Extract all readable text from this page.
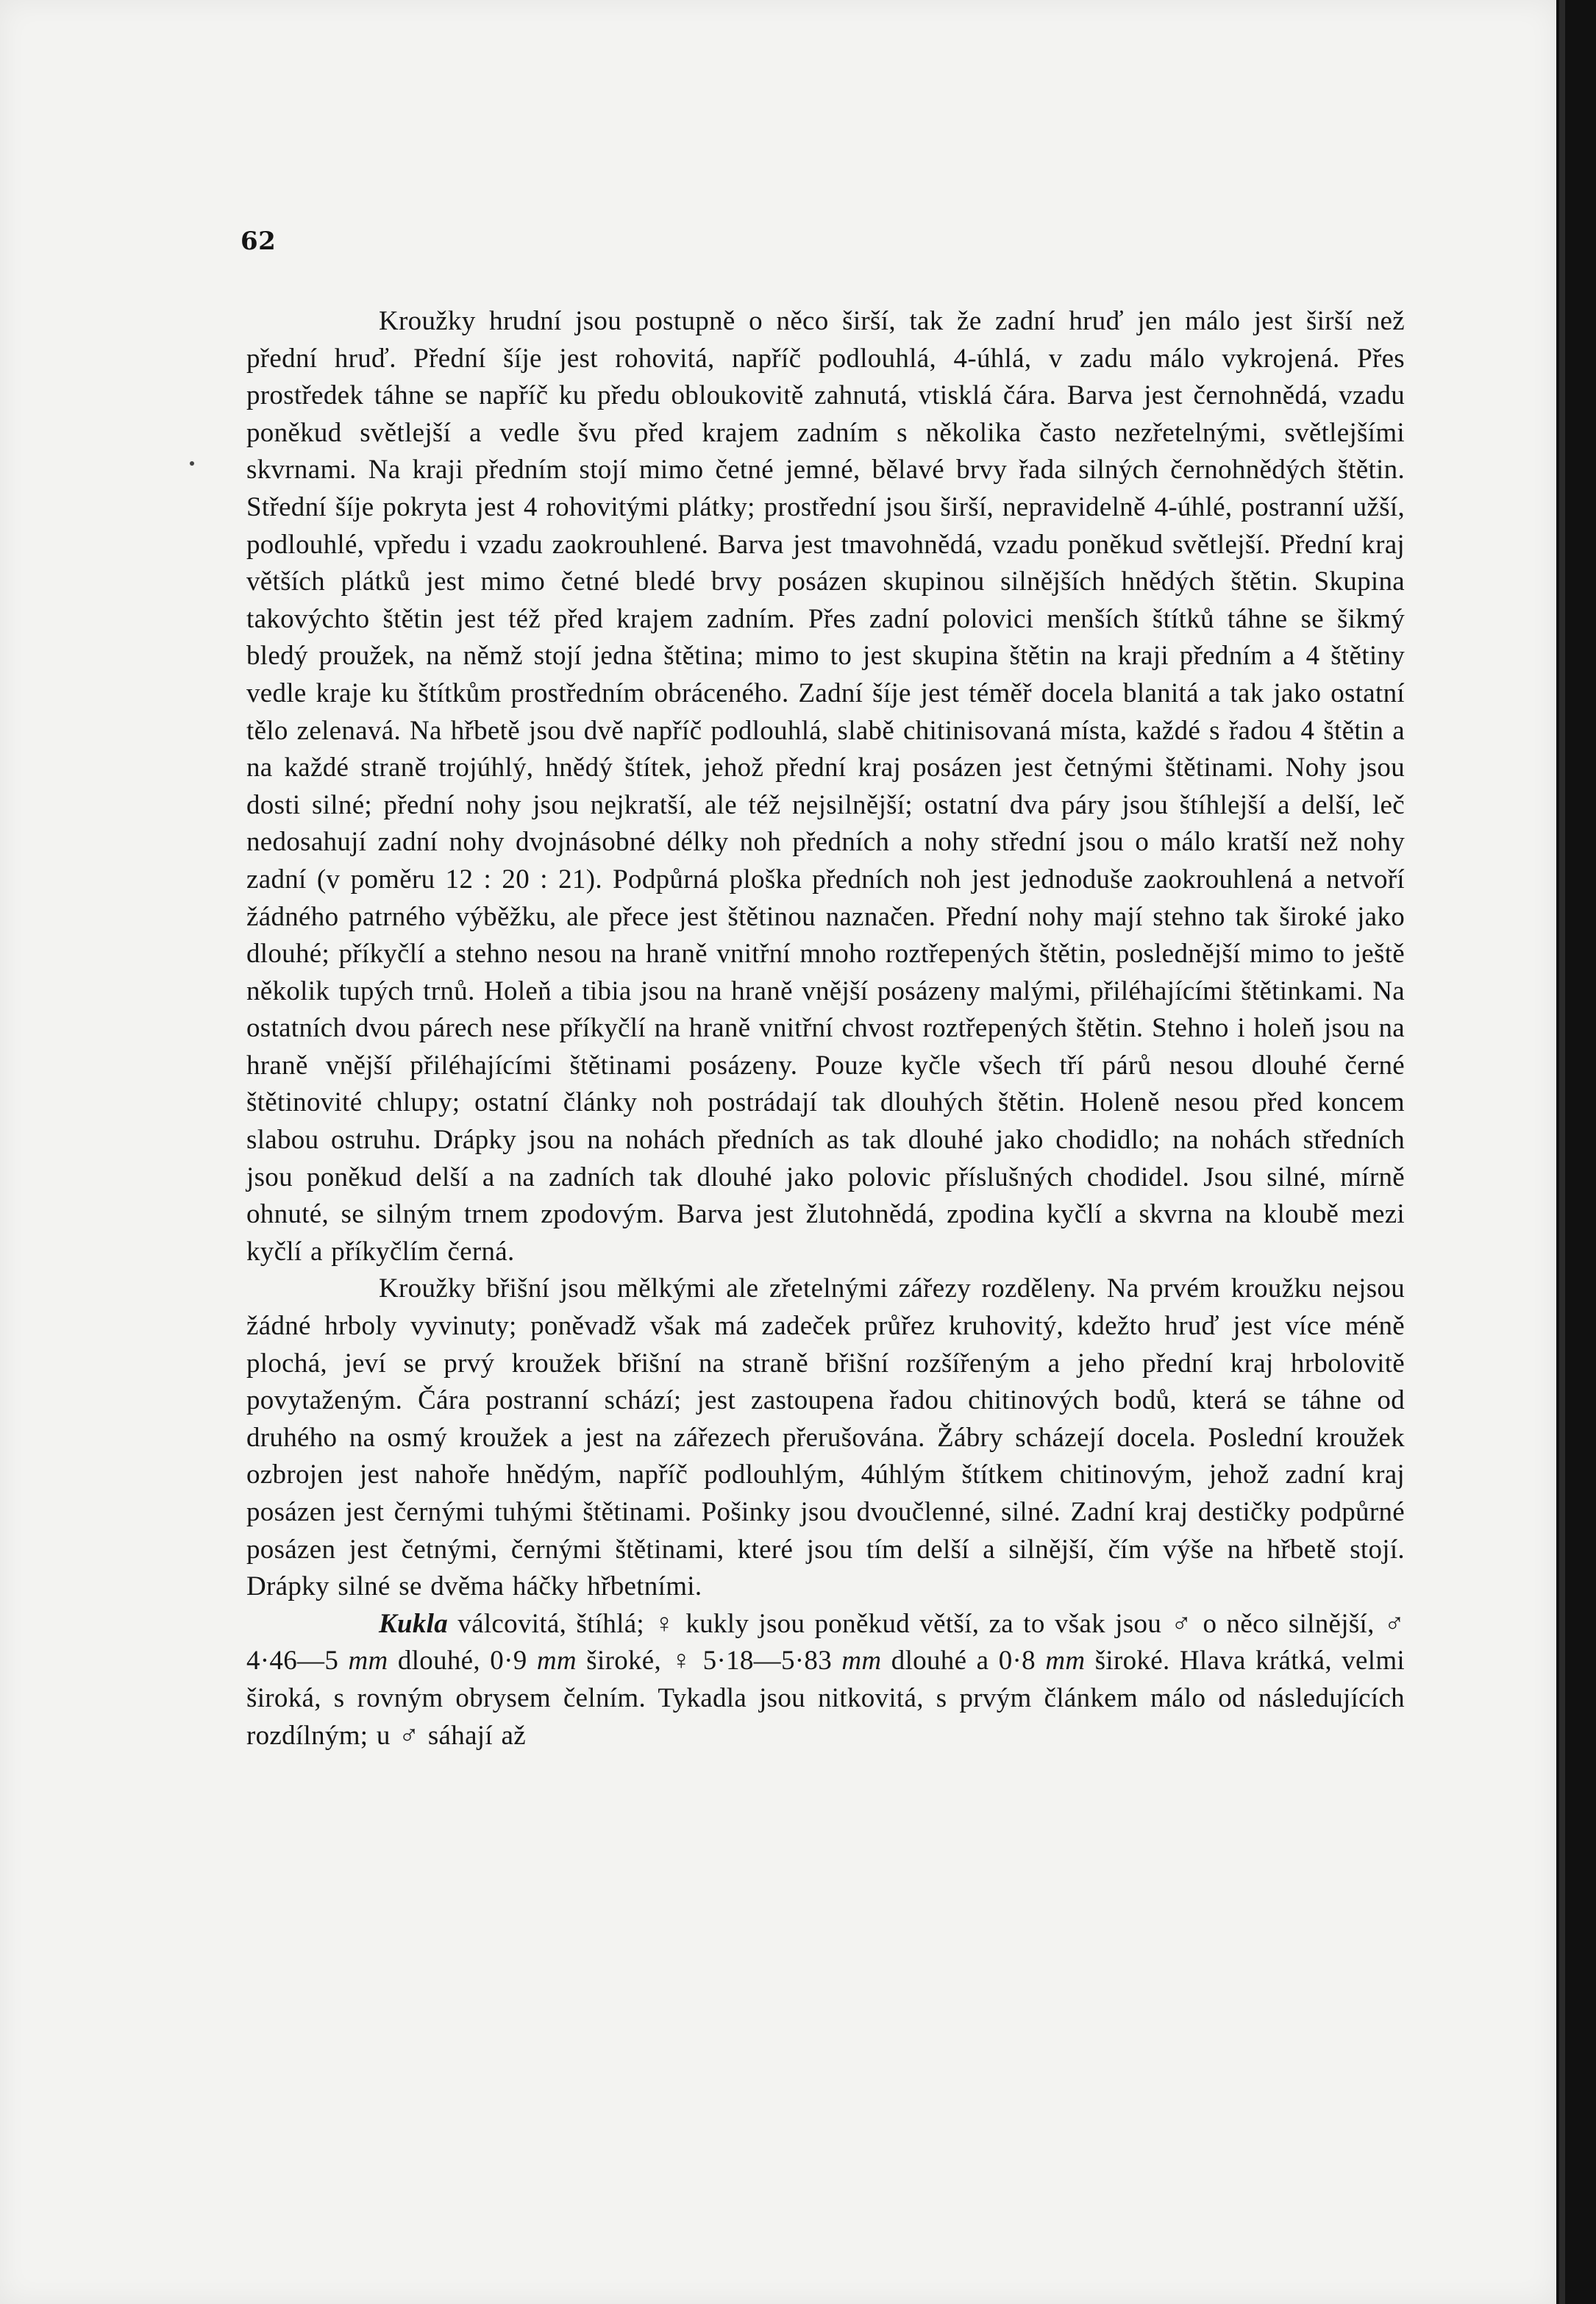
62

Kroužky hrudní jsou postupně o něco širší, tak že zadní hruď jen málo jest širší než přední hruď. Přední šíje jest rohovitá, napříč podlouhlá, 4-úhlá, v zadu málo vykrojená. Přes prostředek táhne se napříč ku předu obloukovitě zahnutá, vtisklá čára. Barva jest černohnědá, vzadu poněkud světlejší a vedle švu před krajem zadním s několika často nezřetelnými, světlejšími skvrnami. Na kraji předním stojí mimo četné jemné, bělavé brvy řada silných černohnědých štětin. Střední šíje pokryta jest 4 rohovitými plátky; prostřední jsou širší, nepravidelně 4-úhlé, postranní užší, podlouhlé, vpředu i vzadu zaokrouhlené. Barva jest tmavohnědá, vzadu poněkud světlejší. Přední kraj větších plátků jest mimo četné bledé brvy posázen skupinou silnějších hnědých štětin. Skupina takovýchto štětin jest též před krajem zadním. Přes zadní polovici menších štítků táhne se šikmý bledý proužek, na němž stojí jedna štětina; mimo to jest skupina štětin na kraji předním a 4 štětiny vedle kraje ku štítkům prostředním obráceného. Zadní šíje jest téměř docela blanitá a tak jako ostatní tělo zelenavá. Na hřbetě jsou dvě napříč podlouhlá, slabě chitinisovaná místa, každé s řadou 4 štětin a na každé straně trojúhlý, hnědý štítek, jehož přední kraj posázen jest četnými štětinami. Nohy jsou dosti silné; přední nohy jsou nejkratší, ale též nejsilnější; ostatní dva páry jsou štíhlejší a delší, leč nedosahují zadní nohy dvojnásobné délky noh předních a nohy střední jsou o málo kratší než nohy zadní (v poměru 12 : 20 : 21). Podpůrná ploška předních noh jest jednoduše zaokrouhlená a netvoří žádného patrného výběžku, ale přece jest štětinou naznačen. Přední nohy mají stehno tak široké jako dlouhé; příkyčlí a stehno nesou na hraně vnitřní mnoho roztřepených štětin, poslednější mimo to ještě několik tupých trnů. Holeň a tibia jsou na hraně vnější posázeny malými, přiléhajícími štětinkami. Na ostatních dvou párech nese příkyčlí na hraně vnitřní chvost roztřepených štětin. Stehno i holeň jsou na hraně vnější přiléhajícími štětinami posázeny. Pouze kyčle všech tří párů nesou dlouhé černé štětinovité chlupy; ostatní články noh postrádají tak dlouhých štětin. Holeně nesou před koncem slabou ostruhu. Drápky jsou na nohách předních as tak dlouhé jako chodidlo; na nohách středních jsou poněkud delší a na zadních tak dlouhé jako polovic příslušných chodidel. Jsou silné, mírně ohnuté, se silným trnem zpodovým. Barva jest žlutohnědá, zpodina kyčlí a skvrna na kloubě mezi kyčlí a příkyčlím černá.

Kroužky břišní jsou mělkými ale zřetelnými zářezy rozděleny. Na prvém kroužku nejsou žádné hrboly vyvinuty; poněvadž však má zadeček průřez kruhovitý, kdežto hruď jest více méně plochá, jeví se prvý kroužek břišní na straně břišní rozšířeným a jeho přední kraj hrbolovitě povytaženým. Čára postranní schází; jest zastoupena řadou chitinových bodů, která se táhne od druhého na osmý kroužek a jest na zářezech přerušována. Žábry scházejí docela. Poslední kroužek ozbrojen jest nahoře hnědým, napříč podlouhlým, 4úhlým štítkem chitinovým, jehož zadní kraj posázen jest černými tuhými štětinami. Pošinky jsou dvoučlenné, silné. Zadní kraj destičky podpůrné posázen jest četnými, černými štětinami, které jsou tím delší a silnější, čím výše na hřbetě stojí. Drápky silné se dvěma háčky hřbetními.

Kukla válcovitá, štíhlá; ♀ kukly jsou poněkud větší, za to však jsou ♂ o něco silnější, ♂ 4·46—5 mm dlouhé, 0·9 mm široké, ♀ 5·18—5·83 mm dlouhé a 0·8 mm široké. Hlava krátká, velmi široká, s rovným obrysem čelním. Tykadla jsou nitkovitá, s prvým článkem málo od následujících rozdílným; u ♂ sáhají až
